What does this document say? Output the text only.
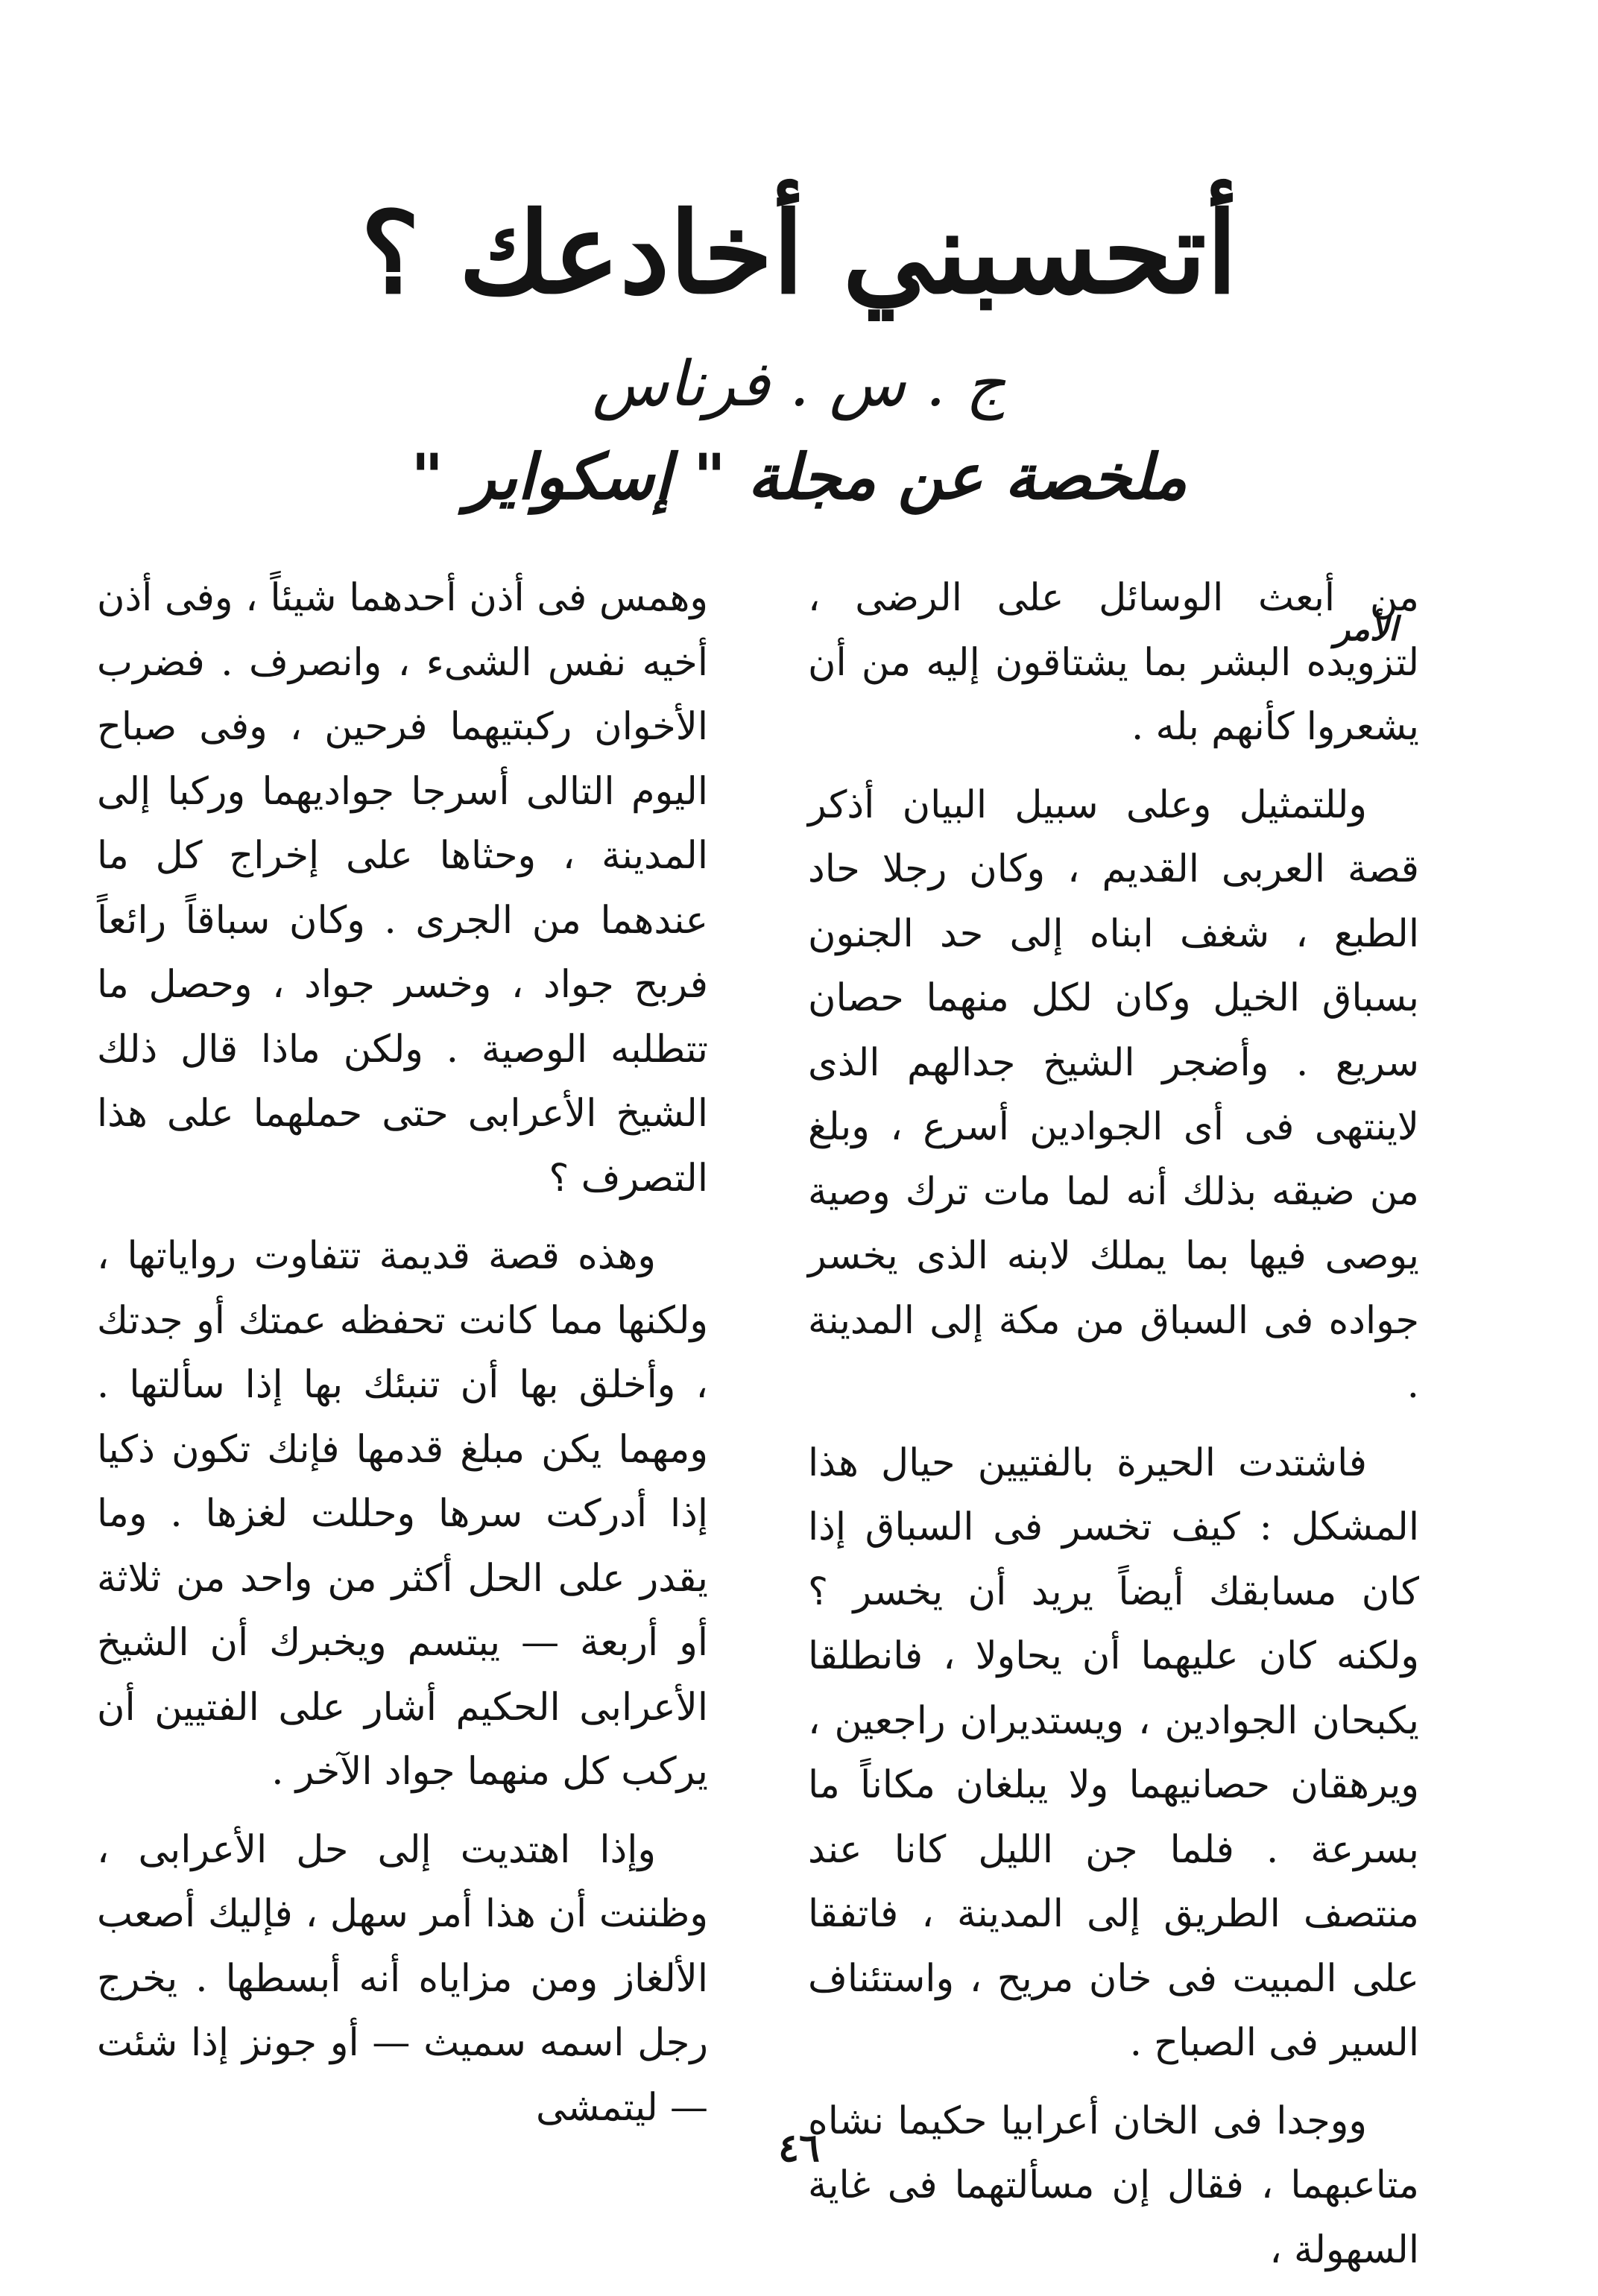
أتحسبني أخادعك ؟
ج . س . فرناس
ملخصة عن مجلة " إسكواير "
الأمر

من أبعث الوسائل على الرضى ، لتزويده البشر بما يشتاقون إليه من أن يشعروا كأنهم بله .

وللتمثيل وعلى سبيل البيان أذكر قصة العربى القديم ، وكان رجلا حاد الطبع ، شغف ابناه إلى حد الجنون بسباق الخيل وكان لكل منهما حصان سريع . وأضجر الشيخ جدالهم الذى لاينتهى فى أى الجوادين أسرع ، وبلغ من ضيقه بذلك أنه لما مات ترك وصية يوصى فيها بما يملك لابنه الذى يخسر جواده فى السباق من مكة إلى المدينة .

فاشتدت الحيرة بالفتيين حيال هذا المشكل : كيف تخسر فى السباق إذا كان مسابقك أيضاً يريد أن يخسر ؟ ولكنه كان عليهما أن يحاولا ، فانطلقا يكبحان الجوادين ، ويستديران راجعين ، ويرهقان حصانيهما ولا يبلغان مكاناً ما بسرعة . فلما جن الليل كانا عند منتصف الطريق إلى المدينة ، فاتفقا على المبيت فى خان مريح ، واستئناف السير فى الصباح .

ووجدا فى الخان أعرابيا حكيما نشاه متاعبهما ، فقال إن مسألتهما فى غاية السهولة ،

وهمس فى أذن أحدهما شيئاً ، وفى أذن أخيه نفس الشىء ، وانصرف . فضرب الأخوان ركبتيهما فرحين ، وفى صباح اليوم التالى أسرجا جواديهما وركبا إلى المدينة ، وحثاها على إخراج كل ما عندهما من الجرى . وكان سباقاً رائعاً فربح جواد ، وخسر جواد ، وحصل ما تتطلبه الوصية . ولكن ماذا قال ذلك الشيخ الأعرابى حتى حملهما على هذا التصرف ؟

وهذه قصة قديمة تتفاوت رواياتها ، ولكنها مما كانت تحفظه عمتك أو جدتك ، وأخلق بها أن تنبئك بها إذا سألتها . ومهما يكن مبلغ قدمها فإنك تكون ذكيا إذا أدركت سرها وحللت لغزها . وما يقدر على الحل أكثر من واحد من ثلاثة أو أربعة — يبتسم ويخبرك أن الشيخ الأعرابى الحكيم أشار على الفتيين أن يركب كل منهما جواد الآخر .

وإذا اهتديت إلى حل الأعرابى ، وظننت أن هذا أمر سهل ، فإليك أصعب الألغاز ومن مزاياه أنه أبسطها . يخرج رجل اسمه سميث — أو جونز إذا شئت — ليتمشى

٤٦
